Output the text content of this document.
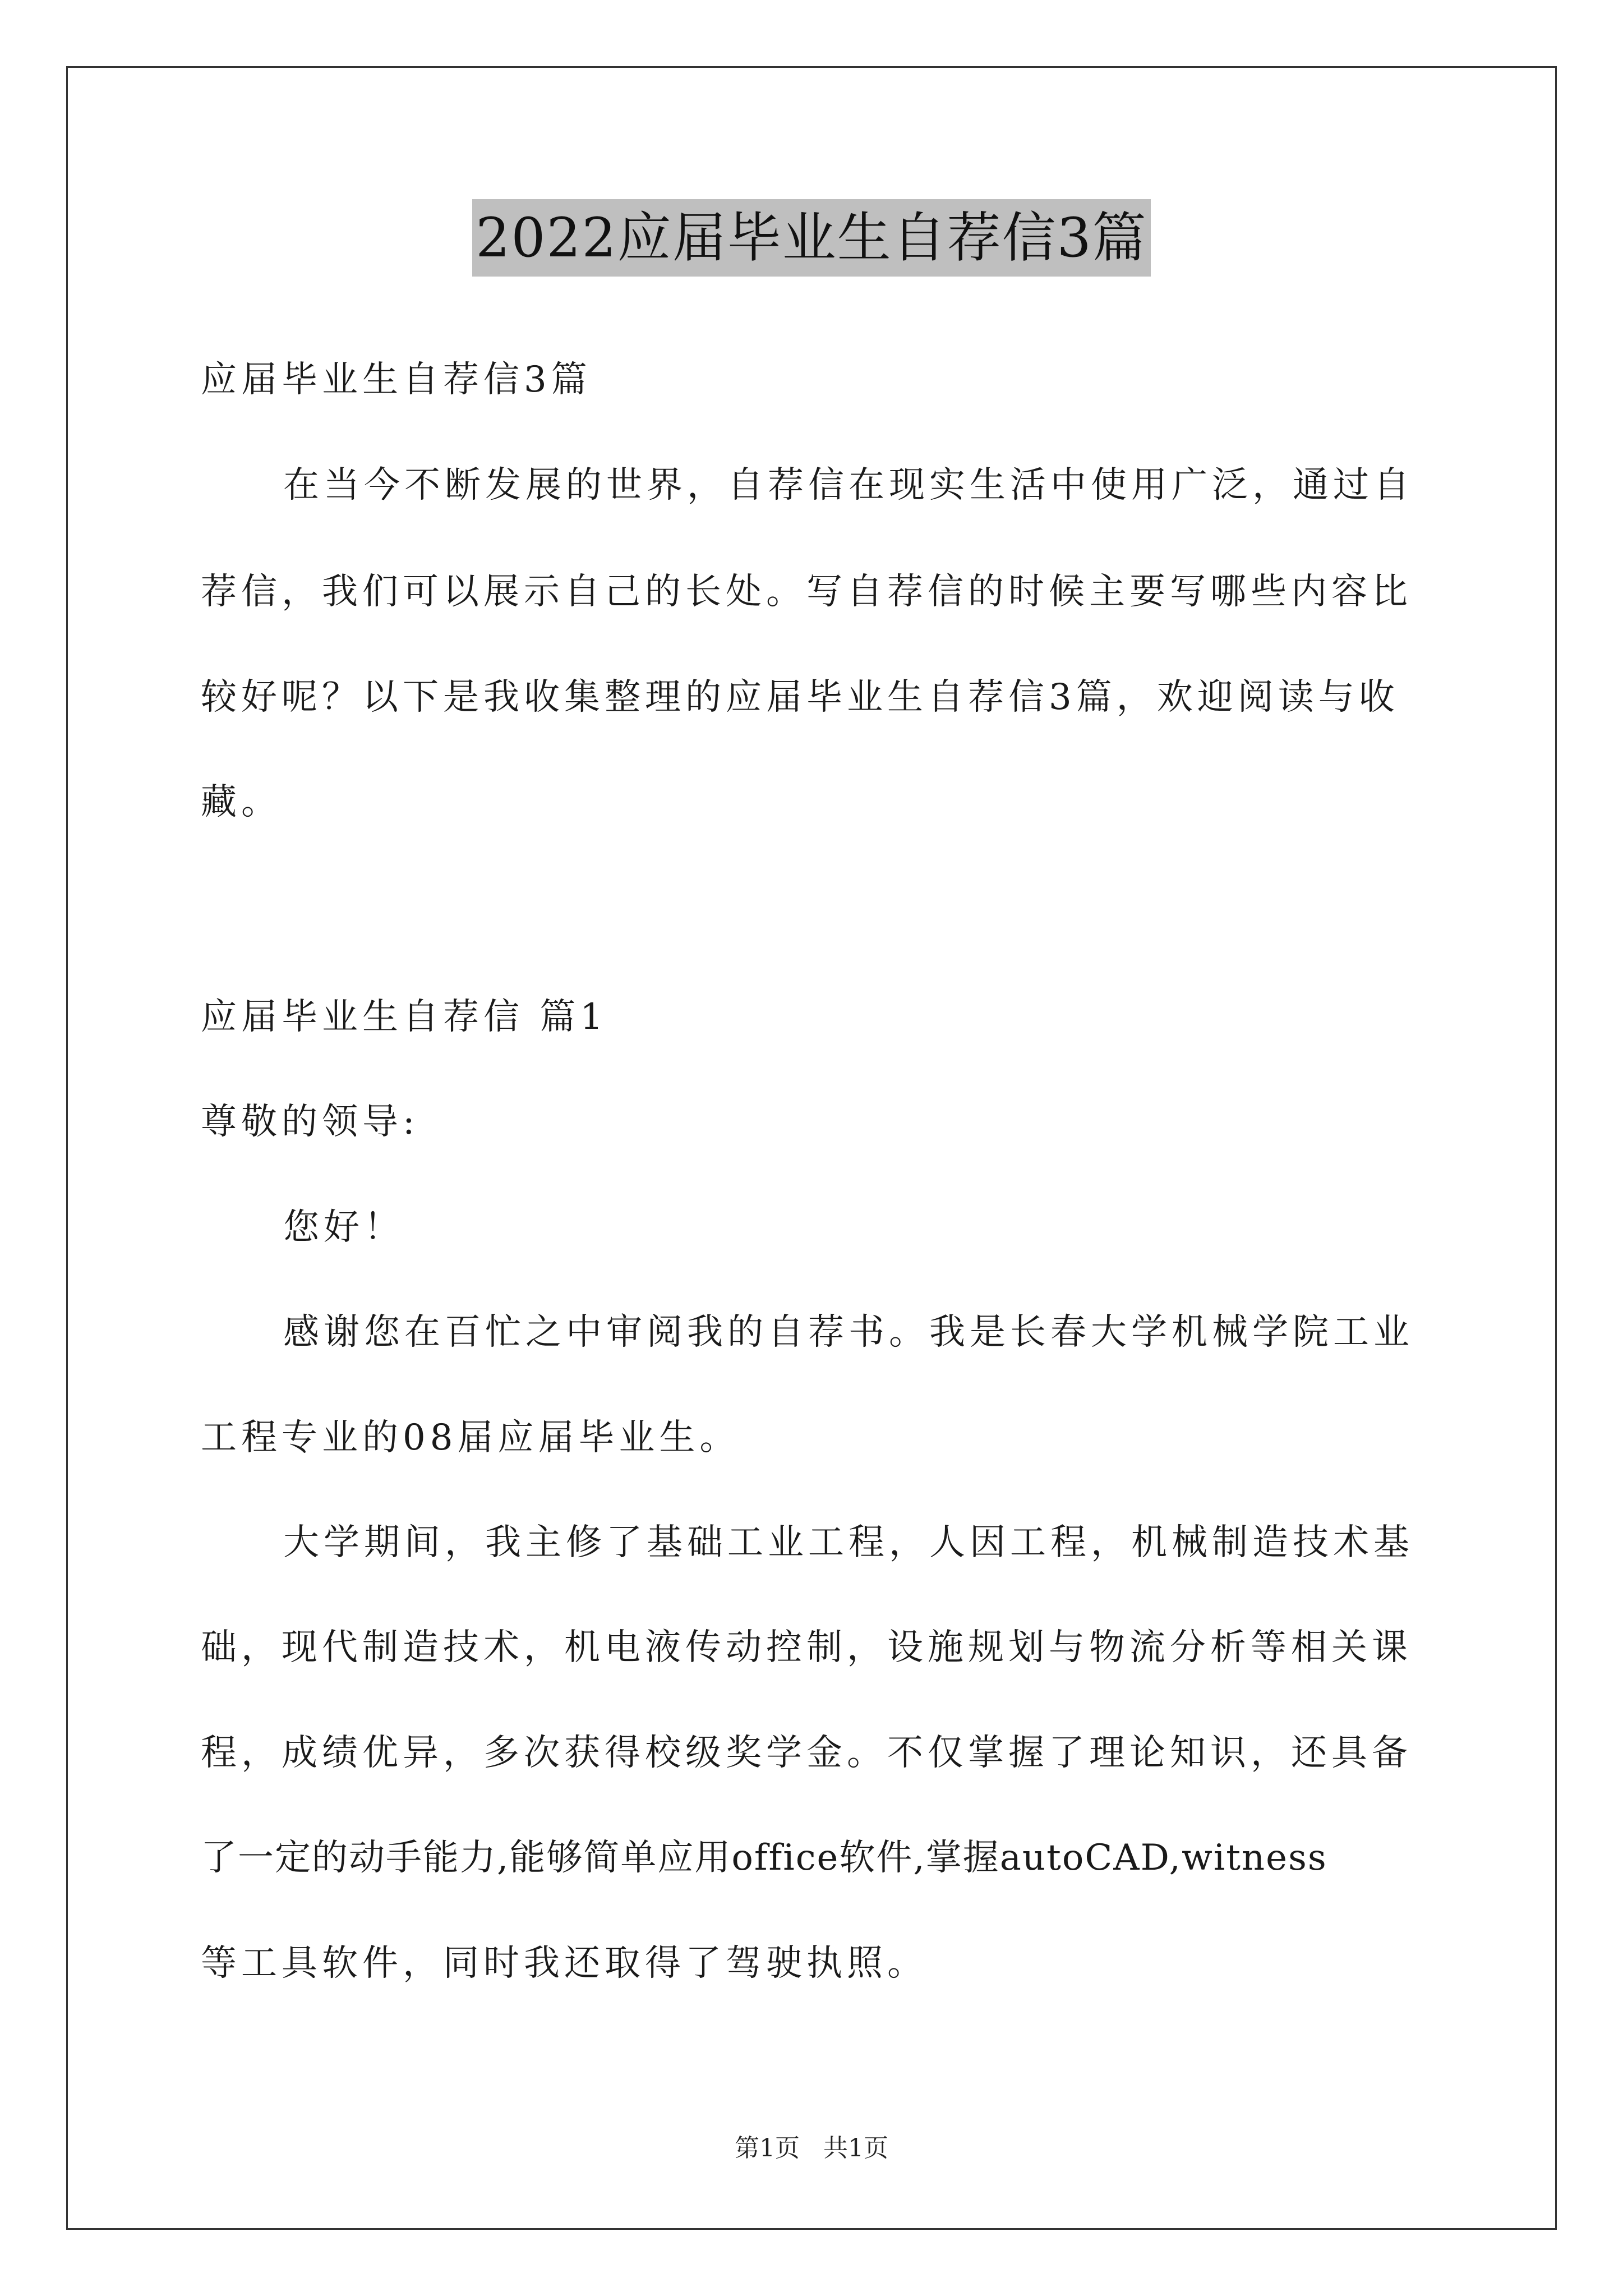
2022应届毕业生自荐信3篇
应届毕业生自荐信3篇
在当今不断发展的世界，自荐信在现实生活中使用广泛，通过自
荐信，我们可以展示自己的长处。写自荐信的时候主要写哪些内容比
较好呢？以下是我收集整理的应届毕业生自荐信3篇，欢迎阅读与收
藏。
应届毕业生自荐信 篇1
尊敬的领导:
您好！
感谢您在百忙之中审阅我的自荐书。我是长春大学机械学院工业
工程专业的08届应届毕业生。
大学期间，我主修了基础工业工程，人因工程，机械制造技术基
础，现代制造技术，机电液传动控制，设施规划与物流分析等相关课
程，成绩优异，多次获得校级奖学金。不仅掌握了理论知识，还具备
了一定的动手能力,能够简单应用office软件,掌握autoCAD,witness
等工具软件，同时我还取得了驾驶执照。
第1页   共1页
